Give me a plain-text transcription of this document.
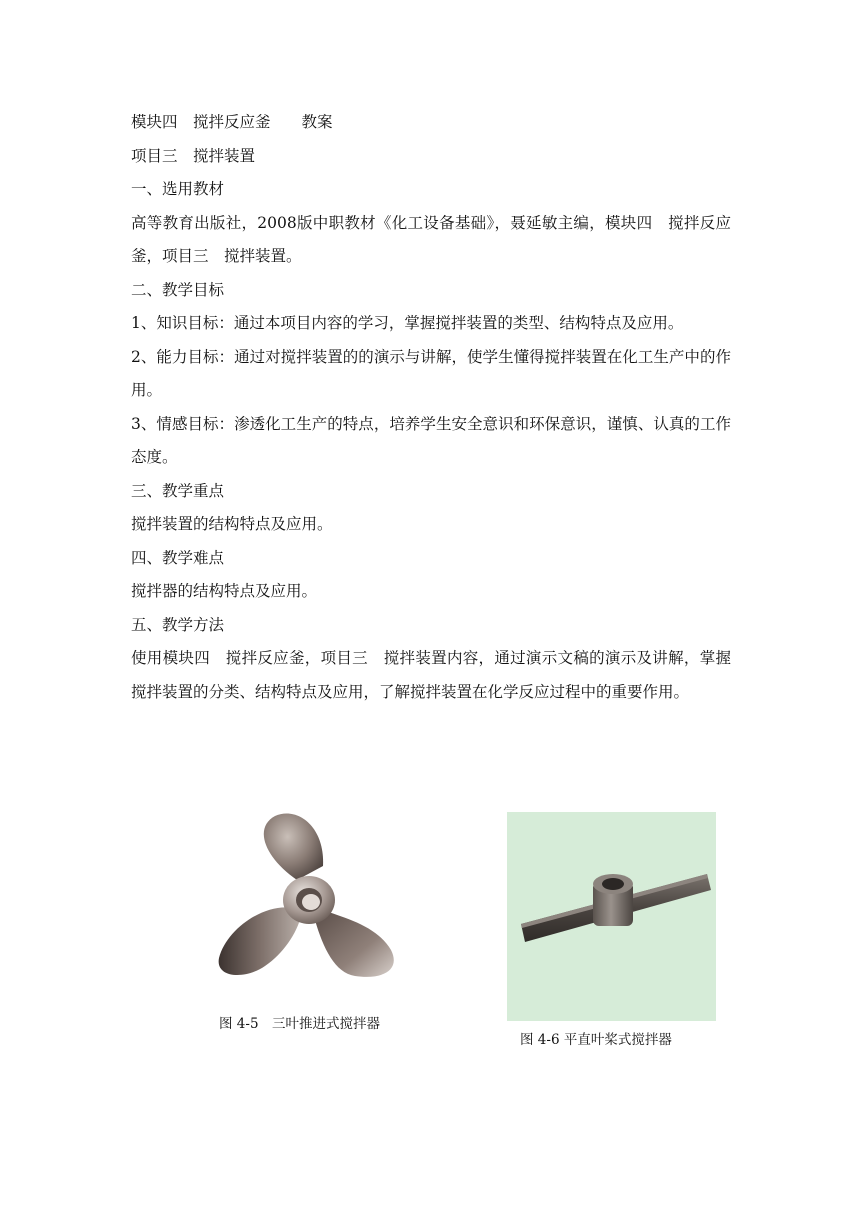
模块四　搅拌反应釜　　教案

项目三　搅拌装置

一、选用教材

高等教育出版社，2008版中职教材《化工设备基础》，聂延敏主编，模块四　搅拌反应釜，项目三　搅拌装置。

二、教学目标

1、知识目标：通过本项目内容的学习，掌握搅拌装置的类型、结构特点及应用。

2、能力目标：通过对搅拌装置的的演示与讲解，使学生懂得搅拌装置在化工生产中的作用。

3、情感目标：渗透化工生产的特点，培养学生安全意识和环保意识，谨慎、认真的工作态度。

三、教学重点

搅拌装置的结构特点及应用。

四、教学难点

搅拌器的结构特点及应用。

五、教学方法

使用模块四　搅拌反应釜，项目三　搅拌装置内容，通过演示文稿的演示及讲解，掌握搅拌装置的分类、结构特点及应用，了解搅拌装置在化学反应过程中的重要作用。

图 4-5　三叶推进式搅拌器
图 4-6 平直叶桨式搅拌器
